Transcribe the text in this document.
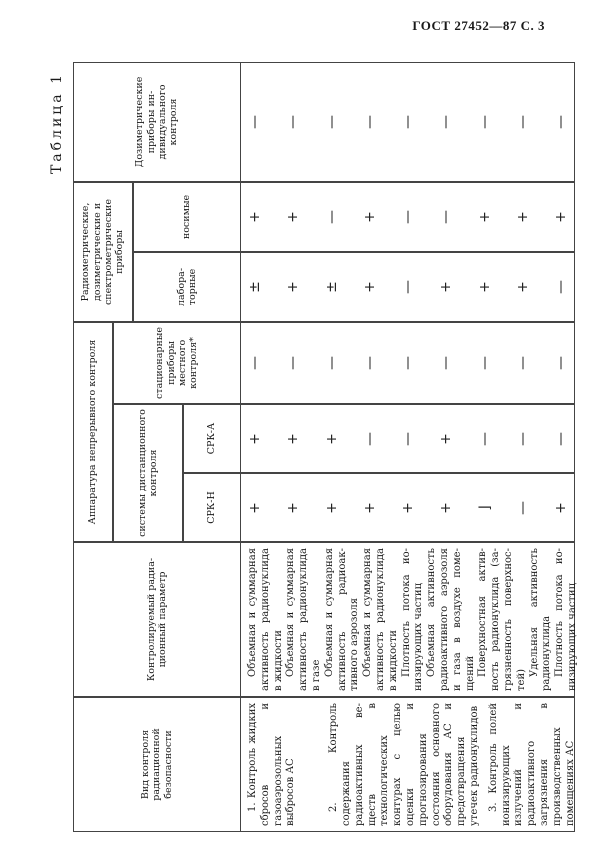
ГОСТ 27452—87 С. 3
Таблица 1
Вид контроля радиационной безопасности
Контролируемый радиационный параметр
Аппаратура непрерывного контроля
Радиометрические, дозиметрические и спектрометрические приборы
Дозиметрические приборы индивидуального контроля
системы дистанционного контроля
стационарные приборы местного контроля*
лабораторные
носимые
СРК-Н
СРК-А
1. Контроль жидких сбросов и газоаэрозольных выбросов АС	2. Контроль содержания радиоактивных веществ в технологических контурах с целью оценки и прогнозирования состояния основного оборудования АС и предотвращения утечек радионуклидов 3. Контроль полей ионизирующих излучений и радиоактивного загрязнения в производственных помещениях АС
Объемная и суммарная активность радионуклида в жидкости Объемная и суммарная активность радионуклида в газе Объемная и суммарная активность радиоактивного аэрозоля Объемная и суммарная активность радионуклида в жидкости Плотность потока ионизирующих частиц Объемная активность радиоактивного аэрозоля и газа в воздухе помещений Поверхностная активность радионуклида (загрязненность поверхностей)
Удельная активность радионуклида Плотность потока ионизирующих частиц
+
+
—
±
+
—
+
+
—
+
+
—
+
+
—
±
—
—
+
—
—
+
+
—
+
—
—
—
—
—
+
+
—
+
—
—
⌋
—
—
+
+
—
—
—
—
+
+
—
+
—
—
—
+
—
